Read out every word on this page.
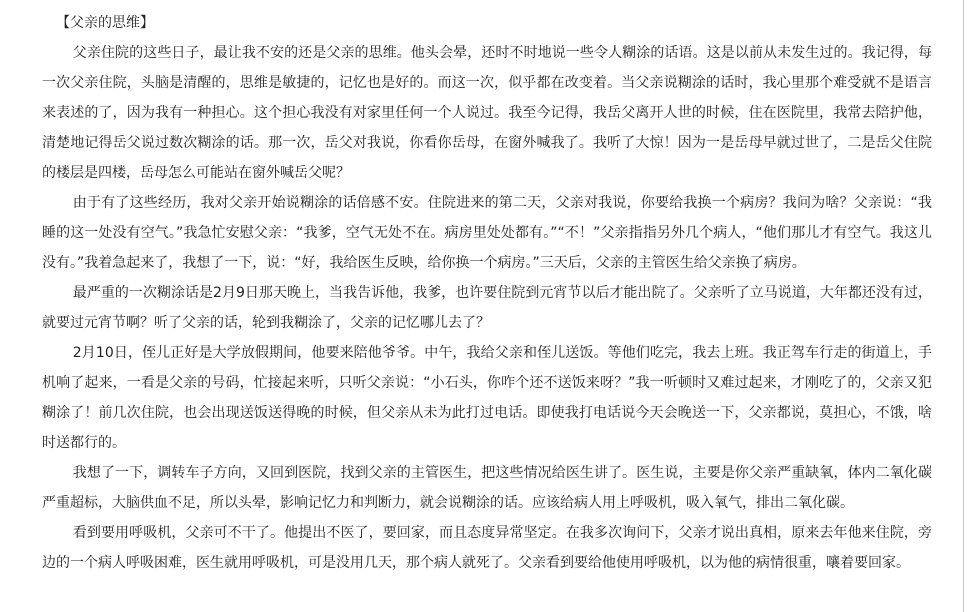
【父亲的思维】

父亲住院的这些日子，最让我不安的还是父亲的思维。他头会晕，还时不时地说一些令人糊涂的话语。这是以前从未发生过的。我记得，每一次父亲住院，头脑是清醒的，思维是敏捷的，记忆也是好的。而这一次，似乎都在改变着。当父亲说糊涂的话时，我心里那个难受就不是语言来表述的了，因为我有一种担心。这个担心我没有对家里任何一个人说过。我至今记得，我岳父离开人世的时候，住在医院里，我常去陪护他，清楚地记得岳父说过数次糊涂的话。那一次，岳父对我说，你看你岳母，在窗外喊我了。我听了大惊！因为一是岳母早就过世了，二是岳父住院的楼层是四楼，岳母怎么可能站在窗外喊岳父呢？

由于有了这些经历，我对父亲开始说糊涂的话倍感不安。住院进来的第二天，父亲对我说，你要给我换一个病房？我问为啥？父亲说：“我睡的这一处没有空气。”我急忙安慰父亲：“我爹，空气无处不在。病房里处处都有。”“不！”父亲指指另外几个病人，“他们那儿才有空气。我这儿没有。”我着急起来了，我想了一下，说：“好，我给医生反映，给你换一个病房。”三天后，父亲的主管医生给父亲换了病房。

最严重的一次糊涂话是2月9日那天晚上，当我告诉他，我爹，也许要住院到元宵节以后才能出院了。父亲听了立马说道，大年都还没有过，就要过元宵节啊？听了父亲的话，轮到我糊涂了，父亲的记忆哪儿去了？

2月10日，侄儿正好是大学放假期间，他要来陪他爷爷。中午，我给父亲和侄儿送饭。等他们吃完，我去上班。我正驾车行走的街道上，手机响了起来，一看是父亲的号码，忙接起来听，只听父亲说：“小石头，你咋个还不送饭来呀？”我一听顿时又难过起来，才刚吃了的，父亲又犯糊涂了！前几次住院，也会出现送饭送得晚的时候，但父亲从未为此打过电话。即使我打电话说今天会晚送一下，父亲都说，莫担心，不饿，啥时送都行的。

我想了一下，调转车子方向，又回到医院，找到父亲的主管医生，把这些情况给医生讲了。医生说，主要是你父亲严重缺氧，体内二氧化碳严重超标，大脑供血不足，所以头晕，影响记忆力和判断力，就会说糊涂的话。应该给病人用上呼吸机，吸入氧气，排出二氧化碳。

看到要用呼吸机，父亲可不干了。他提出不医了，要回家，而且态度异常坚定。在我多次询问下，父亲才说出真相，原来去年他来住院，旁边的一个病人呼吸困难，医生就用呼吸机，可是没用几天，那个病人就死了。父亲看到要给他使用呼吸机，以为他的病情很重，嚷着要回家。
